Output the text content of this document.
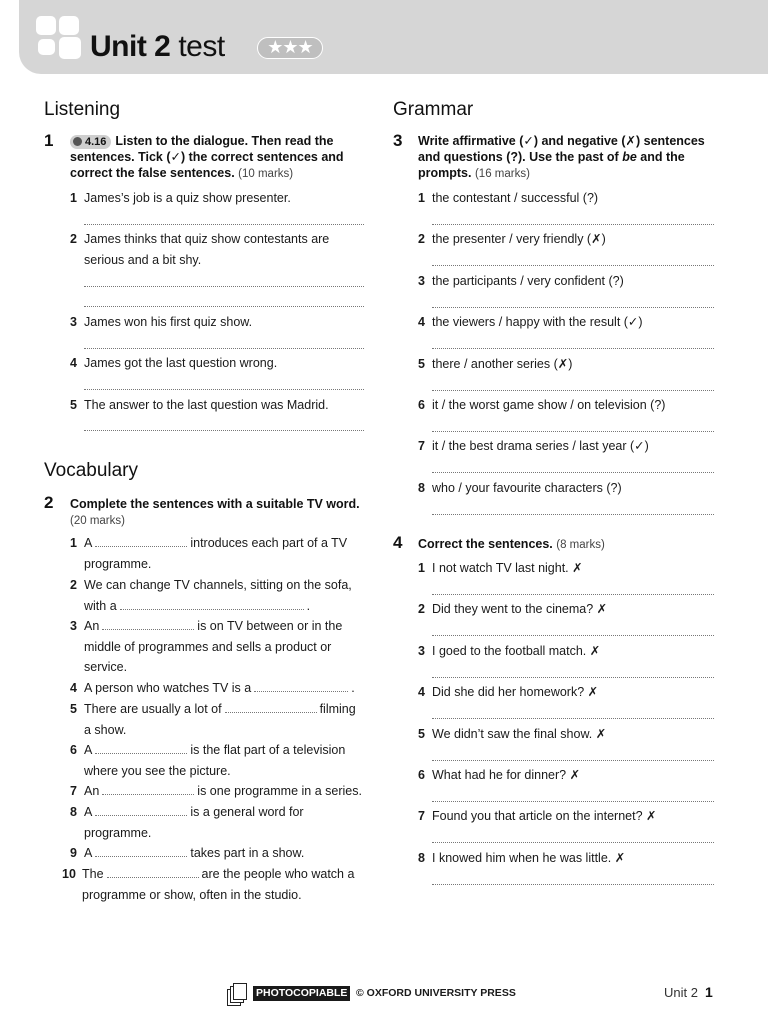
Unit 2 test	★★★
Listening
1	4.16 Listen to the dialogue. Then read the sentences. Tick (✓) the correct sentences and correct the false sentences. (10 marks)
1 James’s job is a quiz show presenter.
2 James thinks that quiz show contestants are serious and a bit shy.
3 James won his first quiz show.
4 James got the last question wrong.
5 The answer to the last question was Madrid.
Vocabulary
2 Complete the sentences with a suitable TV word. (20 marks)
1 A	introduces each part of a TV programme.
2 We can change TV channels, sitting on the sofa, with a	.
3 An	is on TV between or in the middle of programmes and sells a product or service.
4 A person who watches TV is a	.
5 There are usually a lot of	filming a show.
6 A	is the flat part of a television where you see the picture.
7 An	is one programme in a series.
8 A	is a general word for programme.
9 A	takes part in a show.
10 The	are the people who watch a programme or show, often in the studio.
Grammar
3 Write affirmative (✓) and negative (✗) sentences and questions (?). Use the past of be and the prompts. (16 marks)
1 the contestant / successful (?)
2 the presenter / very friendly (✗)
3 the participants / very confident (?)
4 the viewers / happy with the result (✓)
5 there / another series (✗)
6 it / the worst game show / on television (?)
7 it / the best drama series / last year (✓)
8 who / your favourite characters (?)
4 Correct the sentences. (8 marks)
1 I not watch TV last night. ✗
2 Did they went to the cinema? ✗
3 I goed to the football match. ✗
4 Did she did her homework? ✗
5 We didn’t saw the final show. ✗
6 What had he for dinner? ✗
7 Found you that article on the internet? ✗
8 I knowed him when he was little. ✗
PHOTOCOPIABLE © OXFORD UNIVERSITY PRESS	Unit 2 1
